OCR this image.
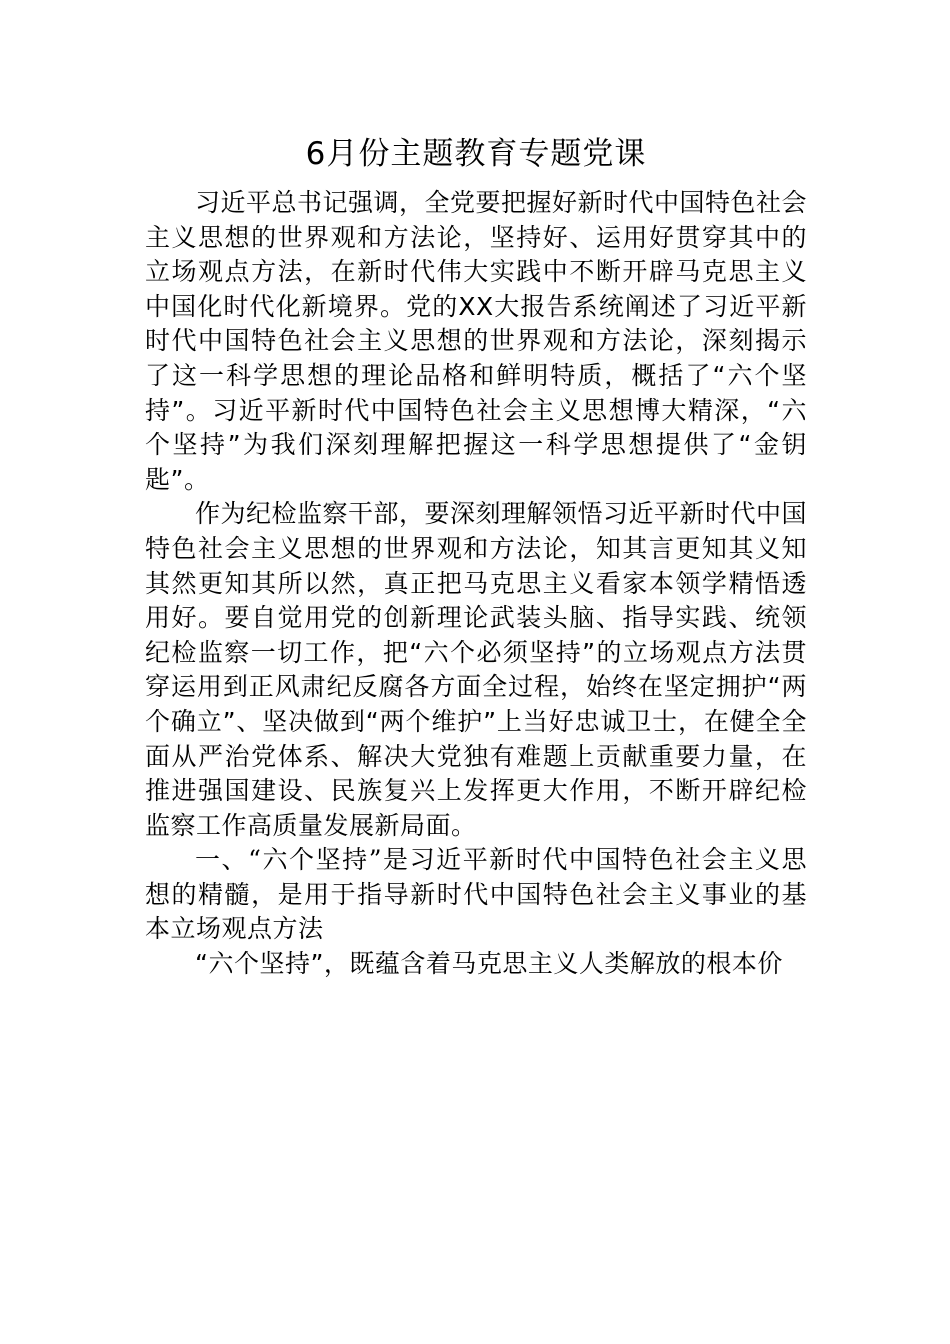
6月份主题教育专题党课

习近平总书记强调，全党要把握好新时代中国特色社会主义思想的世界观和方法论，坚持好、运用好贯穿其中的立场观点方法，在新时代伟大实践中不断开辟马克思主义中国化时代化新境界。党的XX大报告系统阐述了习近平新时代中国特色社会主义思想的世界观和方法论，深刻揭示了这一科学思想的理论品格和鲜明特质，概括了“六个坚持”。习近平新时代中国特色社会主义思想博大精深，“六个坚持”为我们深刻理解把握这一科学思想提供了“金钥匙”。

作为纪检监察干部，要深刻理解领悟习近平新时代中国特色社会主义思想的世界观和方法论，知其言更知其义知其然更知其所以然，真正把马克思主义看家本领学精悟透用好。要自觉用党的创新理论武装头脑、指导实践、统领纪检监察一切工作，把“六个必须坚持”的立场观点方法贯穿运用到正风肃纪反腐各方面全过程，始终在坚定拥护“两个确立”、坚决做到“两个维护”上当好忠诚卫士，在健全全面从严治党体系、解决大党独有难题上贡献重要力量，在推进强国建设、民族复兴上发挥更大作用，不断开辟纪检监察工作高质量发展新局面。

一、“六个坚持”是习近平新时代中国特色社会主义思想的精髓，是用于指导新时代中国特色社会主义事业的基本立场观点方法

“六个坚持”，既蕴含着马克思主义人类解放的根本价
